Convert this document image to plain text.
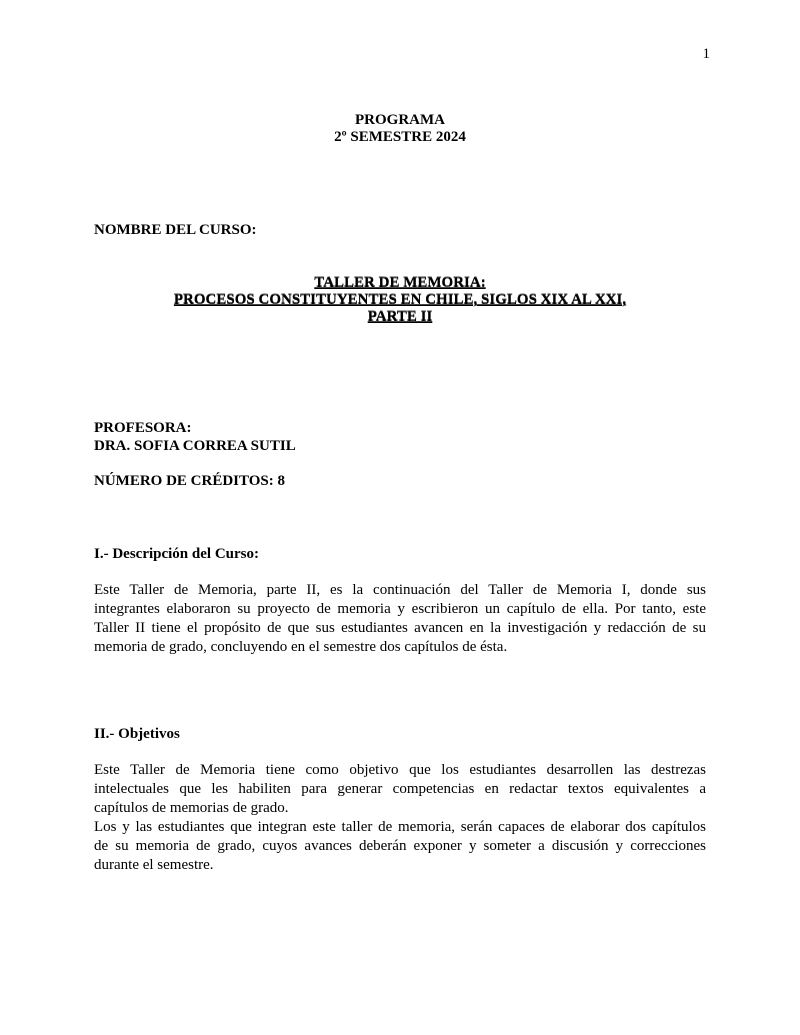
1
PROGRAMA
2º SEMESTRE 2024
NOMBRE DEL CURSO:
TALLER DE MEMORIA:
PROCESOS CONSTITUYENTES EN CHILE, SIGLOS XIX AL XXI,
PARTE II
PROFESORA:
DRA. SOFIA CORREA SUTIL
NÚMERO DE CRÉDITOS: 8
I.- Descripción del Curso:
Este Taller de Memoria, parte II, es la continuación del Taller de Memoria I, donde sus
integrantes elaboraron su proyecto de memoria y escribieron un capítulo de ella. Por tanto, este
Taller II tiene el propósito de que sus estudiantes avancen en la investigación y redacción de su
memoria de grado, concluyendo en el semestre dos capítulos de ésta.
II.- Objetivos
Este Taller de Memoria tiene como objetivo que los estudiantes desarrollen las destrezas
intelectuales que les habiliten para generar competencias en redactar textos equivalentes a
capítulos de memorias de grado.
Los y las estudiantes que integran este taller de memoria, serán capaces de elaborar dos capítulos
de su memoria de grado, cuyos avances deberán exponer y someter a discusión y correcciones
durante el semestre.
